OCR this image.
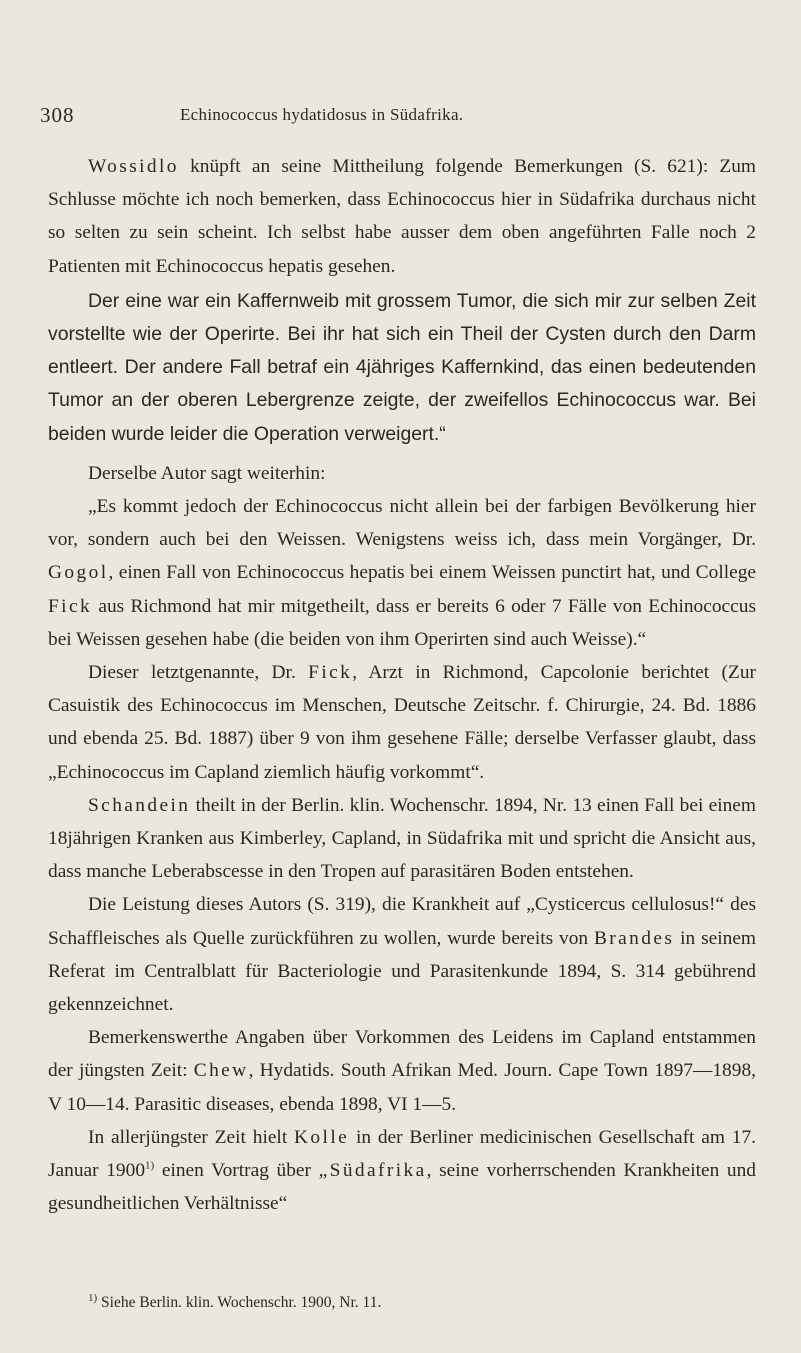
308	Echinococcus hydatidosus in Südafrika.

Wossidlo knüpft an seine Mittheilung folgende Bemerkungen (S. 621): Zum Schlusse möchte ich noch bemerken, dass Echinococcus hier in Südafrika durchaus nicht so selten zu sein scheint. Ich selbst habe ausser dem oben angeführten Falle noch 2 Patienten mit Echinococcus hepatis gesehen.

Der eine war ein Kaffernweib mit grossem Tumor, die sich mir zur selben Zeit vorstellte wie der Operirte. Bei ihr hat sich ein Theil der Cysten durch den Darm entleert. Der andere Fall betraf ein 4jähriges Kaffernkind, das einen bedeutenden Tumor an der oberen Lebergrenze zeigte, der zweifellos Echinococcus war. Bei beiden wurde leider die Operation verweigert.“

Derselbe Autor sagt weiterhin:

„Es kommt jedoch der Echinococcus nicht allein bei der farbigen Bevölkerung hier vor, sondern auch bei den Weissen. Wenigstens weiss ich, dass mein Vorgänger, Dr. Gogol, einen Fall von Echinococcus hepatis bei einem Weissen punctirt hat, und College Fick aus Richmond hat mir mitgetheilt, dass er bereits 6 oder 7 Fälle von Echinococcus bei Weissen gesehen habe (die beiden von ihm Operirten sind auch Weisse).“

Dieser letztgenannte, Dr. Fick, Arzt in Richmond, Capcolonie berichtet (Zur Casuistik des Echinococcus im Menschen, Deutsche Zeitschr. f. Chirurgie, 24. Bd. 1886 und ebenda 25. Bd. 1887) über 9 von ihm gesehene Fälle; derselbe Verfasser glaubt, dass „Echinococcus im Capland ziemlich häufig vorkommt“.

Schandein theilt in der Berlin. klin. Wochenschr. 1894, Nr. 13 einen Fall bei einem 18jährigen Kranken aus Kimberley, Capland, in Südafrika mit und spricht die Ansicht aus, dass manche Leberabscesse in den Tropen auf parasitären Boden entstehen.

Die Leistung dieses Autors (S. 319), die Krankheit auf „Cysticercus cellulosus!“ des Schaffleisches als Quelle zurückführen zu wollen, wurde bereits von Brandes in seinem Referat im Centralblatt für Bacteriologie und Parasitenkunde 1894, S. 314 gebührend gekennzeichnet.

Bemerkenswerthe Angaben über Vorkommen des Leidens im Capland entstammen der jüngsten Zeit: Chew, Hydatids. South Afrikan Med. Journ. Cape Town 1897—1898, V 10—14. Parasitic diseases, ebenda 1898, VI 1—5.

In allerjüngster Zeit hielt Kolle in der Berliner medicinischen Gesellschaft am 17. Januar 1900$^{1)}$ einen Vortrag über „Südafrika, seine vorherrschenden Krankheiten und gesundheitlichen Verhältnisse“

$^{1)}$ Siehe Berlin. klin. Wochenschr. 1900, Nr. 11.
